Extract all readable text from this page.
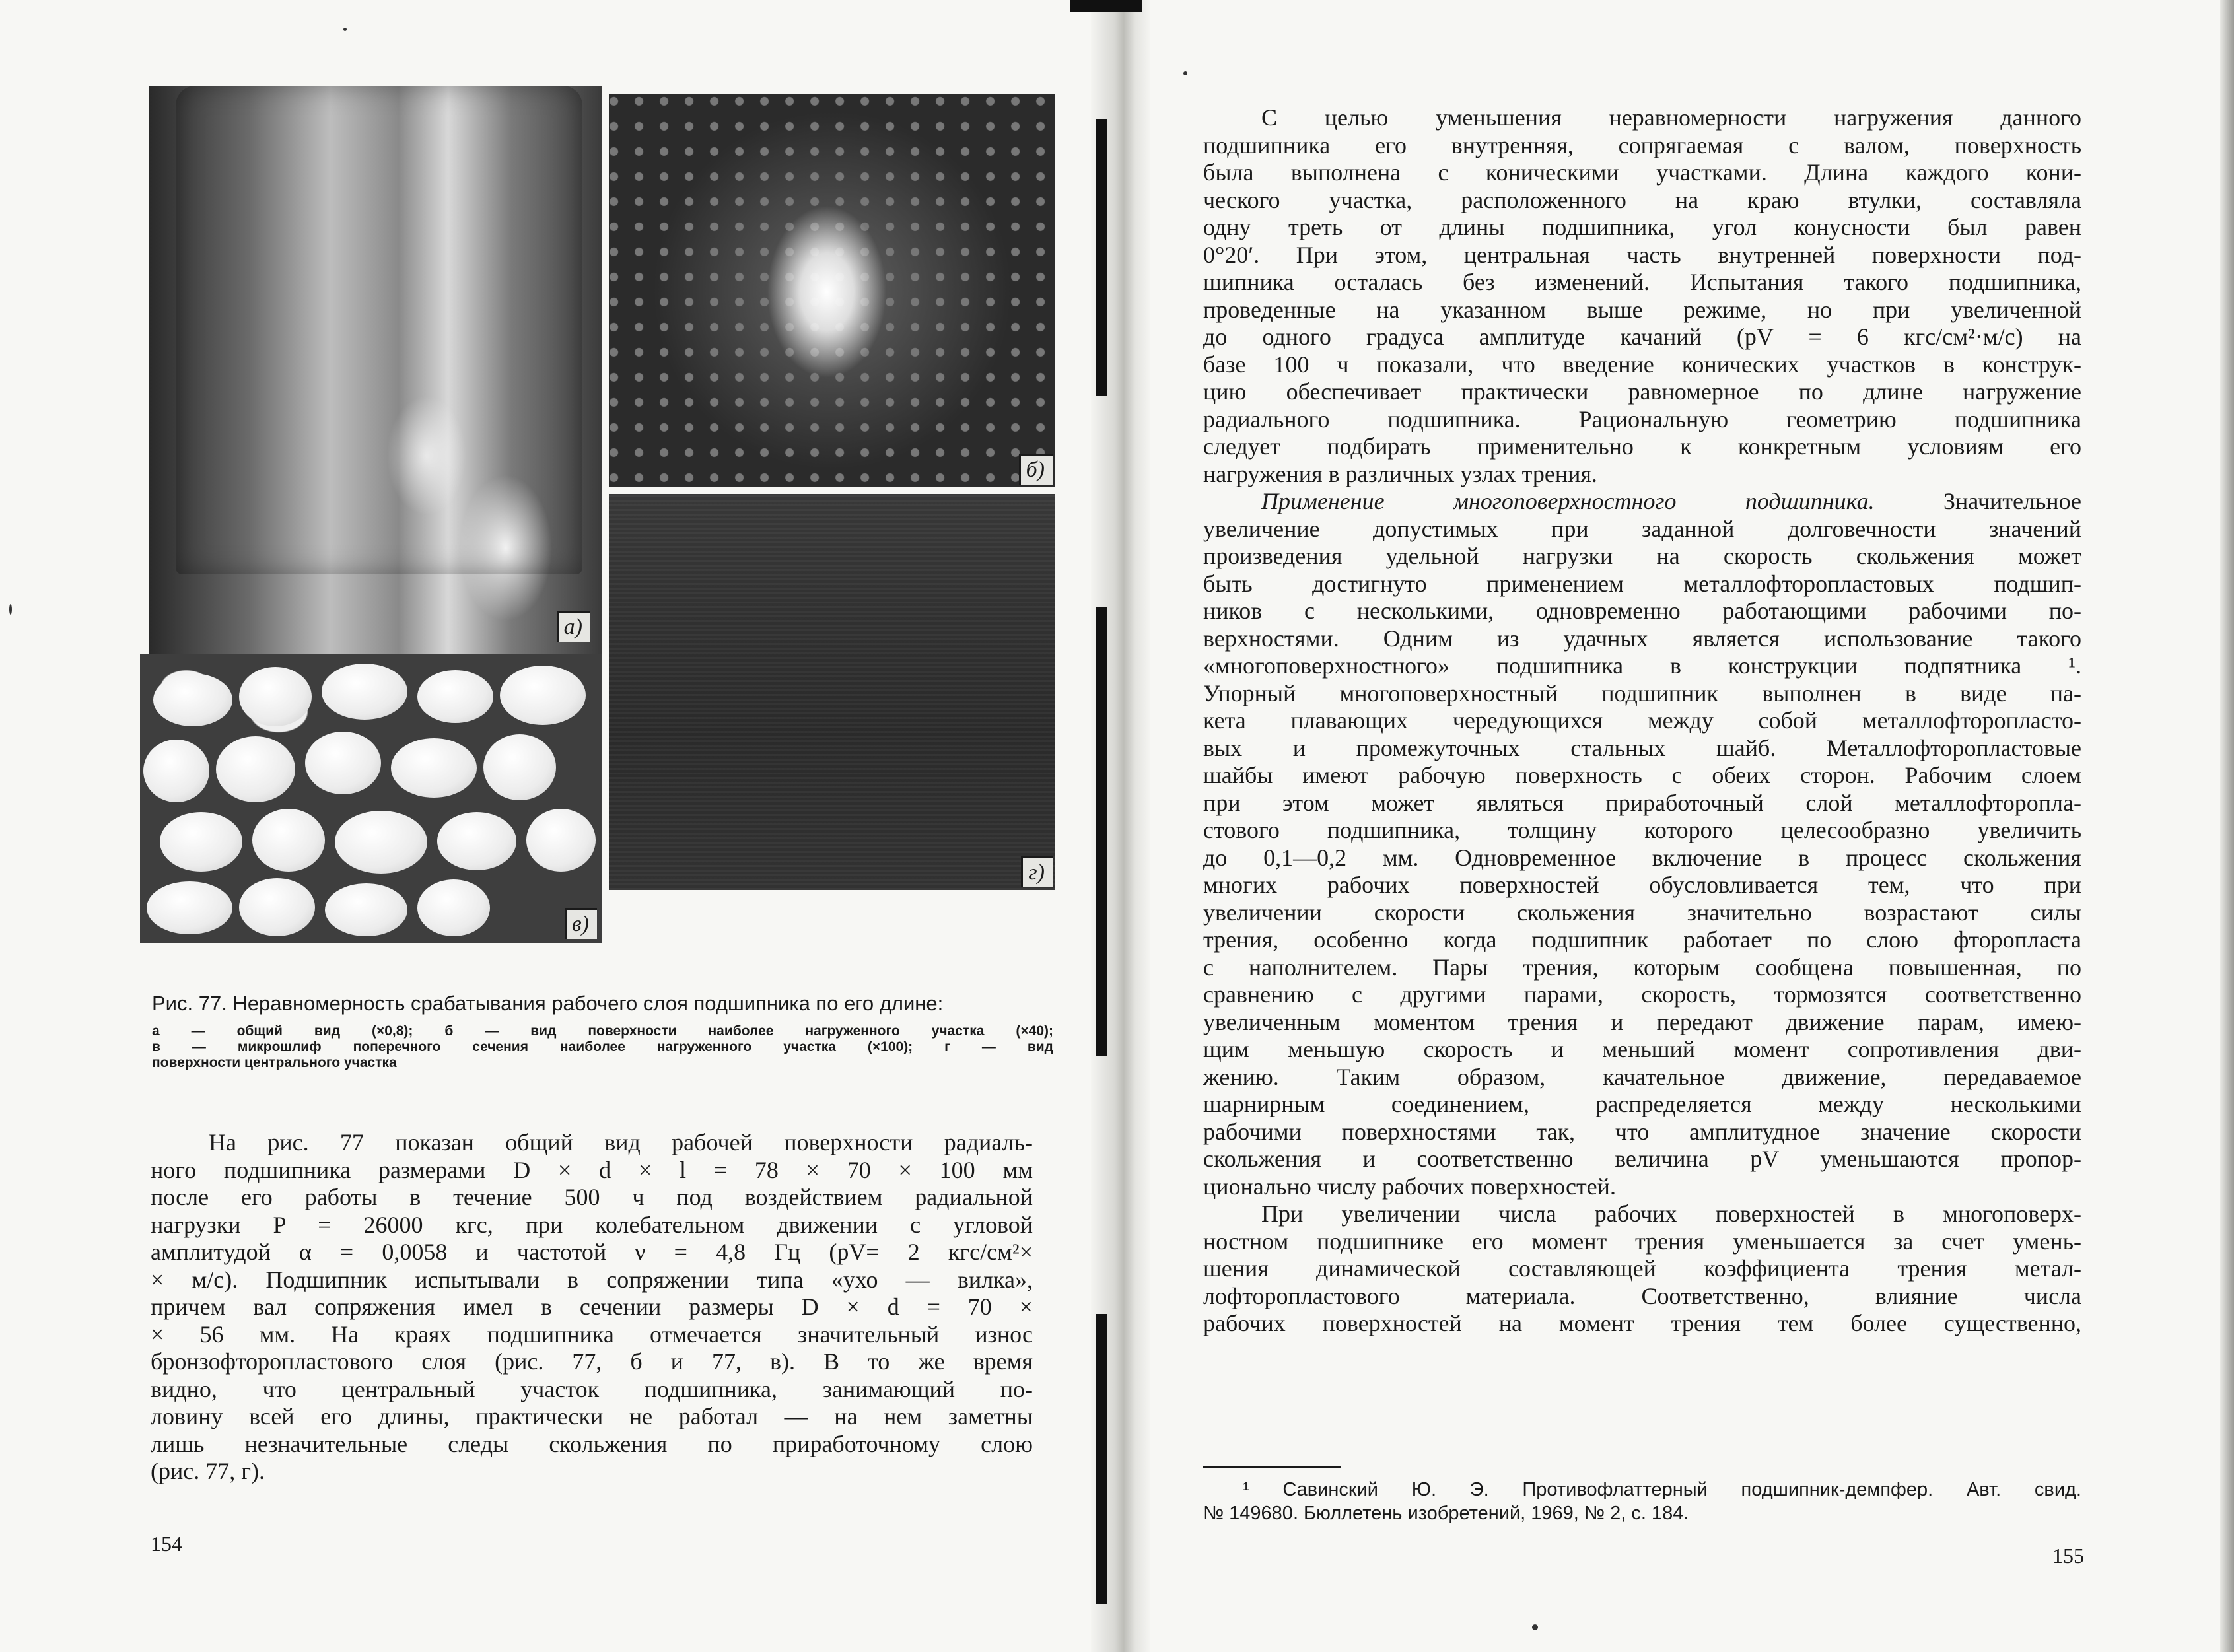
а)
б)
г)
в)

Рис. 77. Неравномерность срабатывания рабочего слоя подшипника по его длине:

а — общий вид (×0,8); б — вид поверхности наиболее нагруженного участка (×40);
в — микрошлиф поперечного сечения наиболее нагруженного участка (×100); г — вид
поверхности центрального участка

На рис. 77 показан общий вид рабочей поверхности радиаль-
ного подшипника размерами D × d × l = 78 × 70 × 100 мм
после его работы в течение 500 ч под воздействием радиальной
нагрузки P = 26000 кгс, при колебательном движении с угловой
амплитудой α = 0,0058 и частотой ν = 4,8 Гц (pV= 2 кгс/см²×
× м/с). Подшипник испытывали в сопряжении типа «ухо — вилка»,
причем вал сопряжения имел в сечении размеры D × d = 70 ×
× 56 мм. На краях подшипника отмечается значительный износ
бронзофторопластового слоя (рис. 77, б и 77, в). В то же время
видно, что центральный участок подшипника, занимающий по-
ловину всей его длины, практически не работал — на нем заметны
лишь незначительные следы скольжения по приработочному слою
(рис. 77, г).
154
С целью уменьшения неравномерности нагружения данного
подшипника его внутренняя, сопрягаемая с валом, поверхность
была выполнена с коническими участками. Длина каждого кони-
ческого участка, расположенного на краю втулки, составляла
одну треть от длины подшипника, угол конусности был равен
0°20′. При этом, центральная часть внутренней поверхности под-
шипника осталась без изменений. Испытания такого подшипника,
проведенные на указанном выше режиме, но при увеличенной
до одного градуса амплитуде качаний (pV = 6 кгс/см²·м/с) на
базе 100 ч показали, что введение конических участков в конструк-
цию обеспечивает практически равномерное по длине нагружение
радиального подшипника. Рациональную геометрию подшипника
следует подбирать применительно к конкретным условиям его
нагружения в различных узлах трения.
Применение многоповерхностного подшипника.	Значительное
увеличение допустимых при заданной долговечности значений
произведения удельной нагрузки на скорость скольжения может
быть достигнуто применением металлофторопластовых подшип-
ников с несколькими, одновременно работающими рабочими по-
верхностями. Одним из удачных является использование такого
«многоповерхностного» подшипника в конструкции подпятника ¹.
Упорный многоповерхностный подшипник выполнен в виде па-
кета плавающих чередующихся между собой металлофторопласто-
вых и промежуточных стальных шайб. Металлофторопластовые
шайбы имеют рабочую поверхность с обеих сторон. Рабочим слоем
при этом может являться приработочный слой металлофторопла-
стового подшипника, толщину которого целесообразно увеличить
до 0,1—0,2 мм. Одновременное включение в процесс скольжения
многих рабочих поверхностей обусловливается тем, что при
увеличении скорости скольжения значительно возрастают силы
трения, особенно когда подшипник работает по слою фторопласта
с наполнителем. Пары трения, которым сообщена повышенная, по
сравнению с другими парами, скорость, тормозятся соответственно
увеличенным моментом трения и передают движение парам, имею-
щим меньшую скорость и меньший момент сопротивления дви-
жению. Таким образом, качательное движение, передаваемое
шарнирным соединением, распределяется между несколькими
рабочими поверхностями так, что амплитудное значение скорости
скольжения и соответственно величина pV уменьшаются пропор-
ционально числу рабочих поверхностей.
При увеличении числа рабочих поверхностей в многоповерх-
ностном подшипнике его момент трения уменьшается за счет умень-
шения динамической составляющей коэффициента трения метал-
лофторопластового материала. Соответственно, влияние числа
рабочих поверхностей на момент трения тем более существенно,
¹ Савинский Ю. Э. Противофлаттерный подшипник-демпфер. Авт. свид.
№ 149680. Бюллетень изобретений, 1969, № 2, с. 184.
155
